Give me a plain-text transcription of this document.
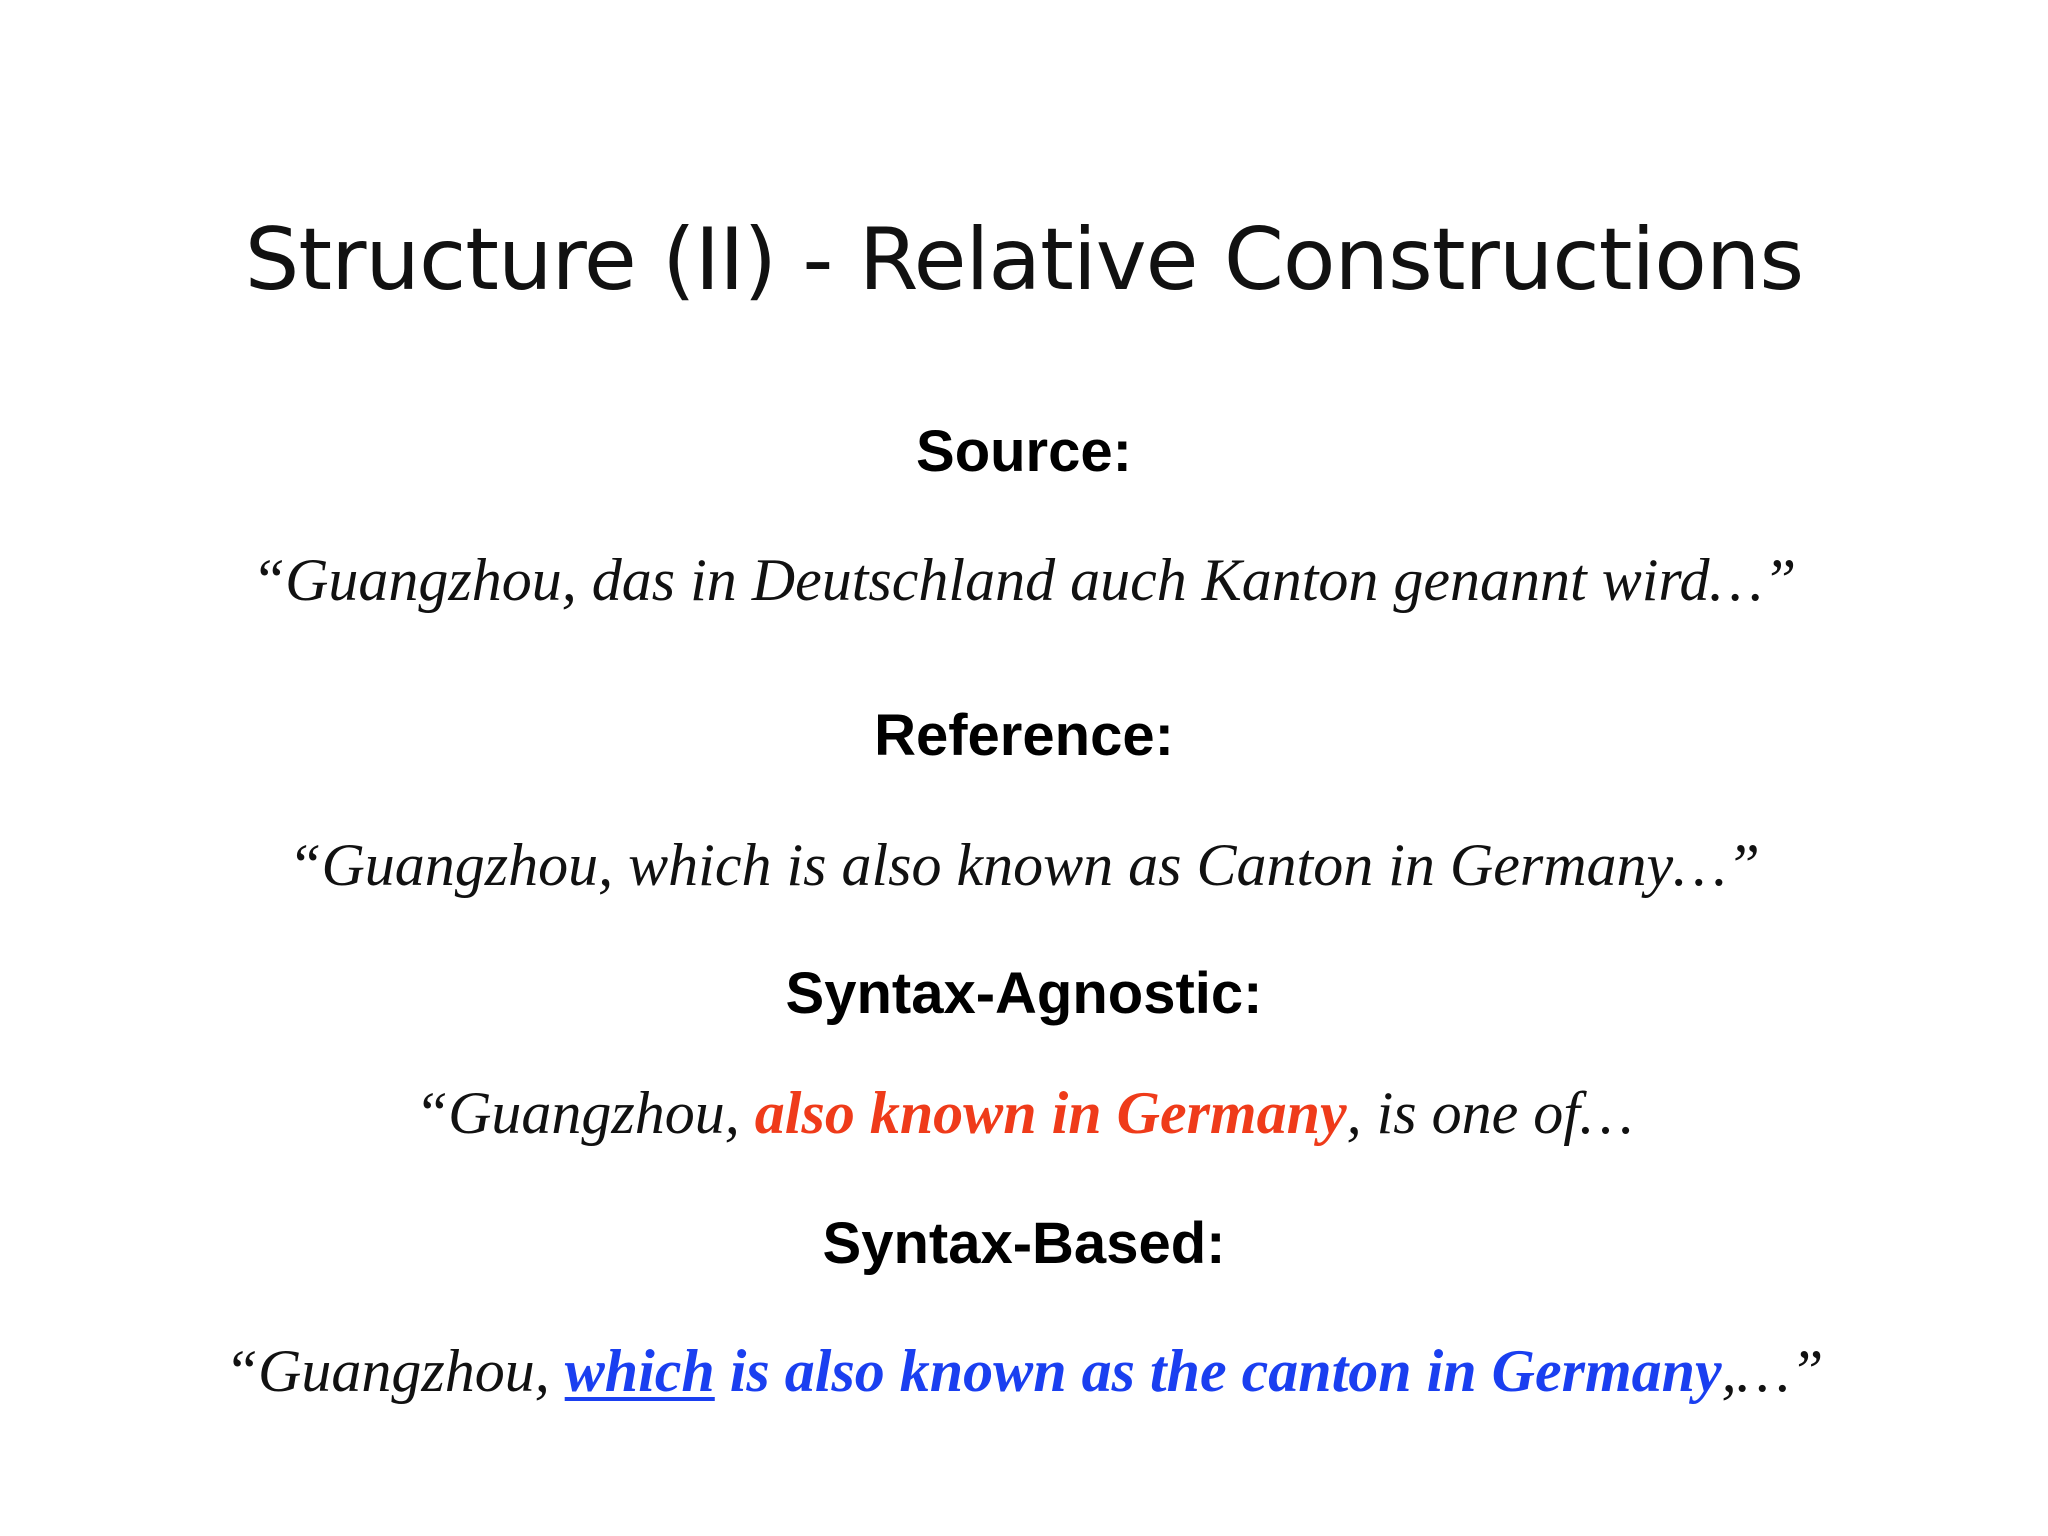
Structure (II) - Relative Constructions
Source:
“Guangzhou, das in Deutschland auch Kanton genannt wird…”
Reference:
“Guangzhou, which is also known as Canton in Germany…”
Syntax-Agnostic:
“Guangzhou, also known in Germany, is one of…
Syntax-Based:
“Guangzhou, which is also known as the canton in Germany,…”
